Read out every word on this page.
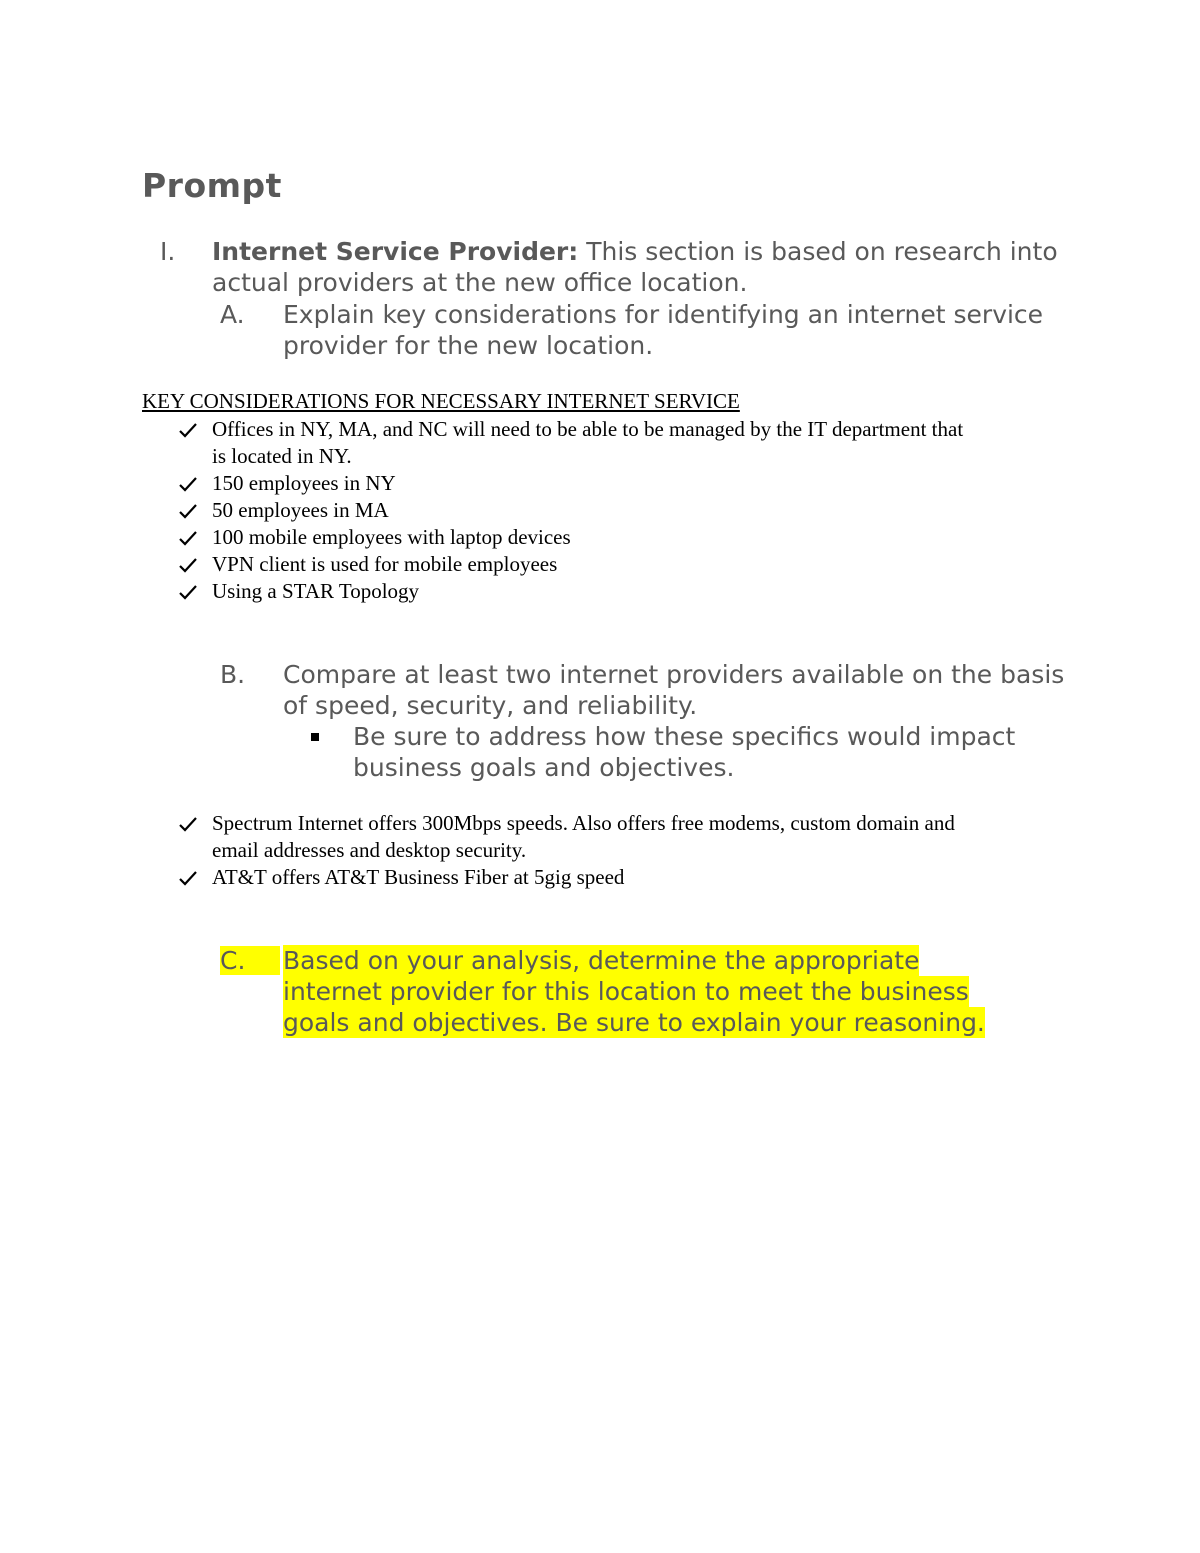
Prompt
I. Internet Service Provider: This section is based on research into actual providers at the new office location.
A. Explain key considerations for identifying an internet service provider for the new location.
KEY CONSIDERATIONS FOR NECESSARY INTERNET SERVICE
Offices in NY, MA, and NC will need to be able to be managed by the IT department that
is located in NY.
150 employees in NY
50 employees in MA
100 mobile employees with laptop devices
VPN client is used for mobile employees
Using a STAR Topology
B. Compare at least two internet providers available on the basis of speed, security, and reliability.
Be sure to address how these specifics would impact business goals and objectives.
Spectrum Internet offers 300Mbps speeds. Also offers free modems, custom domain and
email addresses and desktop security.
AT&T offers AT&T Business Fiber at 5gig speed
C.	Based on your analysis, determine the appropriate
internet provider for this location to meet the business
goals and objectives. Be sure to explain your reasoning.
